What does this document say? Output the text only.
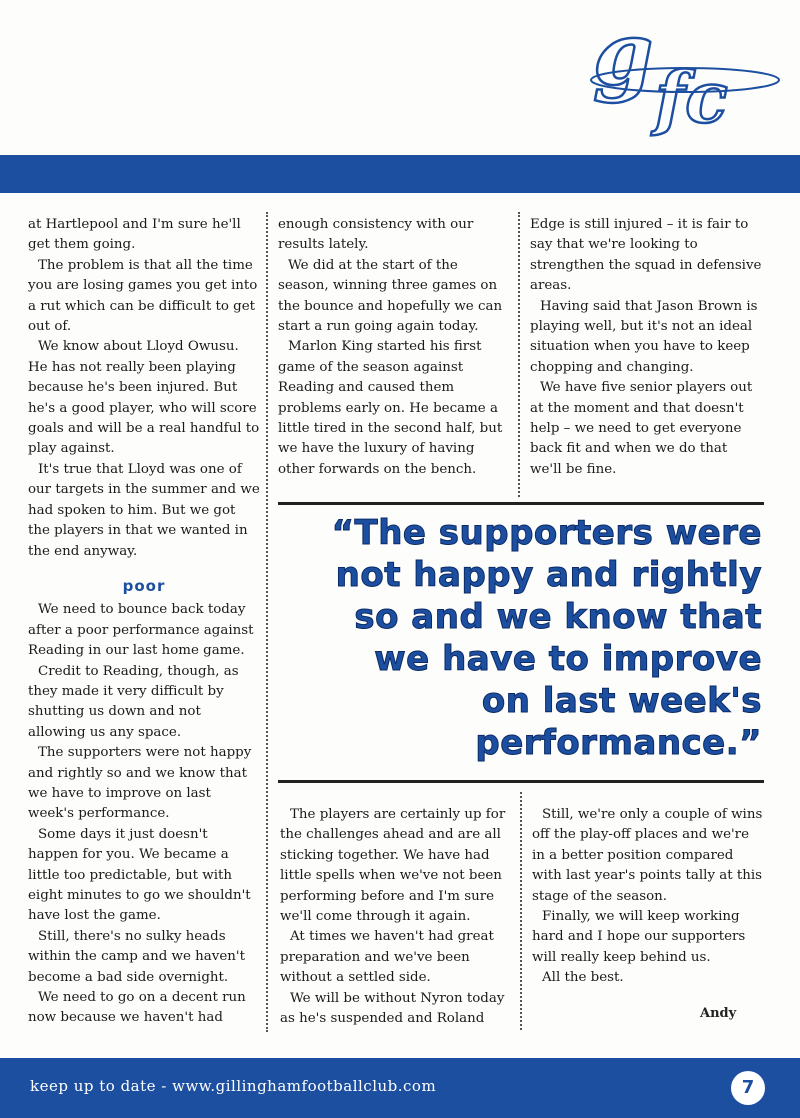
g fc

at Hartlepool and I'm sure he'll get them going.

The problem is that all the time you are losing games you get into a rut which can be difficult to get out of.

We know about Lloyd Owusu. He has not really been playing because he's been injured. But he's a good player, who will score goals and will be a real handful to play against.

It's true that Lloyd was one of our targets in the summer and we had spoken to him. But we got the players in that we wanted in the end anyway.

poor

We need to bounce back today after a poor performance against Reading in our last home game.

Credit to Reading, though, as they made it very difficult by shutting us down and not allowing us any space.

The supporters were not happy and rightly so and we know that we have to improve on last week's performance.

Some days it just doesn't happen for you. We became a little too predictable, but with eight minutes to go we shouldn't have lost the game.

Still, there's no sulky heads within the camp and we haven't become a bad side overnight.

We need to go on a decent run now because we haven't had

enough consistency with our results lately.

We did at the start of the season, winning three games on the bounce and hopefully we can start a run going again today.

Marlon King started his first game of the season against Reading and caused them problems early on. He became a little tired in the second half, but we have the luxury of having other forwards on the bench.

Edge is still injured – it is fair to say that we're looking to strengthen the squad in defensive areas.

Having said that Jason Brown is playing well, but it's not an ideal situation when you have to keep chopping and changing.

We have five senior players out at the moment and that doesn't help – we need to get everyone back fit and when we do that we'll be fine.

“The supporters were
not happy and rightly
so and we know that
we have to improve
on last week's
performance.”

The players are certainly up for the challenges ahead and are all sticking together. We have had little spells when we've not been performing before and I'm sure we'll come through it again.

At times we haven't had great preparation and we've been without a settled side.

We will be without Nyron today as he's suspended and Roland

Still, we're only a couple of wins off the play-off places and we're in a better position compared with last year's points tally at this stage of the season.

Finally, we will keep working hard and I hope our supporters will really keep behind us.

All the best.

Andy
keep up to date - www.gillinghamfootballclub.com	7
